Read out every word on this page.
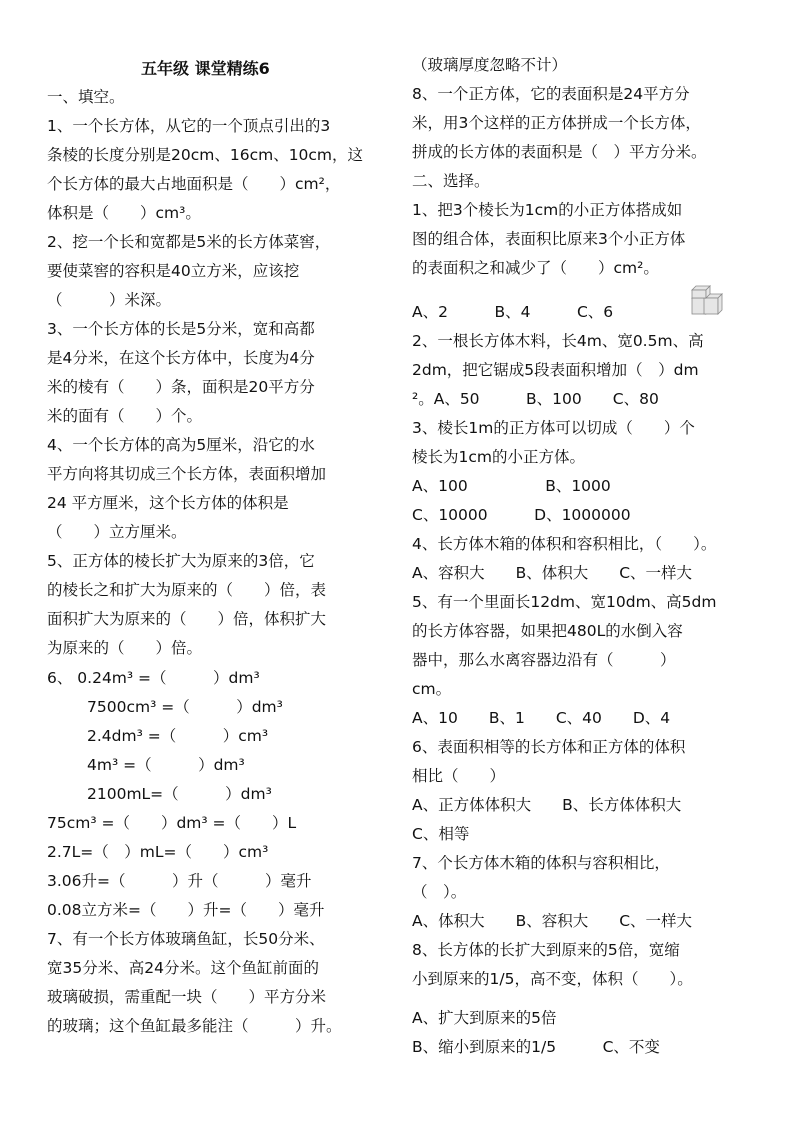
五年级 课堂精练6
一、填空。
1、一个长方体，从它的一个顶点引出的3
条棱的长度分别是20cm、16cm、10cm，这
个长方体的最大占地面积是（　　）cm²，
体积是（　　）cm³。
2、挖一个长和宽都是5米的长方体菜窖，
要使菜窖的容积是40立方米，应该挖
（　　　）米深。
3、一个长方体的长是5分米，宽和高都
是4分米，在这个长方体中，长度为4分
米的棱有（　　）条，面积是20平方分
米的面有（　　）个。
4、一个长方体的高为5厘米，沿它的水
平方向将其切成三个长方体，表面积增加
24 平方厘米，这个长方体的体积是
（　　）立方厘米。
5、正方体的棱长扩大为原来的3倍，它
的棱长之和扩大为原来的（　　）倍，表
面积扩大为原来的（　　）倍，体积扩大
为原来的（　　）倍。
6、 0.24m³ =（　　　）dm³
7500cm³ =（　　　）dm³
2.4dm³ =（　　　）cm³
4m³ =（　　　）dm³
2100mL=（　　　）dm³
75cm³ =（　　）dm³ =（　　）L
2.7L=（　）mL=（　　）cm³
3.06升=（　　　）升（　　　）毫升
0.08立方米=（　　）升=（　　）毫升
7、有一个长方体玻璃鱼缸，长50分米、
宽35分米、高24分米。这个鱼缸前面的
玻璃破损，需重配一块（　　）平方分米
的玻璃；这个鱼缸最多能注（　　　）升。
（玻璃厚度忽略不计）
8、一个正方体，它的表面积是24平方分
米，用3个这样的正方体拼成一个长方体，
拼成的长方体的表面积是（　）平方分米。
二、选择。
1、把3个棱长为1cm的小正方体搭成如
图的组合体，表面积比原来3个小正方体
的表面积之和减少了（　　）cm²。
A、2　　　B、4　　　C、6
2、一根长方体木料，长4m、宽0.5m、高
2dm，把它锯成5段表面积增加（　）dm
²。A、50　　　B、100　　C、80
3、棱长1m的正方体可以切成（　　）个
棱长为1cm的小正方体。
A、100　　　　　B、1000
C、10000　　　D、1000000
4、长方体木箱的体积和容积相比，（　　）。
A、容积大　　B、体积大　　C、一样大
5、有一个里面长12dm、宽10dm、高5dm
的长方体容器，如果把480L的水倒入容
器中，那么水离容器边沿有（　　　）
cm。
A、10　　B、1　　C、40　　D、4
6、表面积相等的长方体和正方体的体积
相比（　　）
A、正方体体积大　　B、长方体体积大
C、相等
7、个长方体木箱的体积与容积相比，
（　）。
A、体积大　　B、容积大　　C、一样大
8、长方体的长扩大到原来的5倍，宽缩
小到原来的1/5，高不变，体积（　　）。
A、扩大到原来的5倍
B、缩小到原来的1/5　　　C、不变
